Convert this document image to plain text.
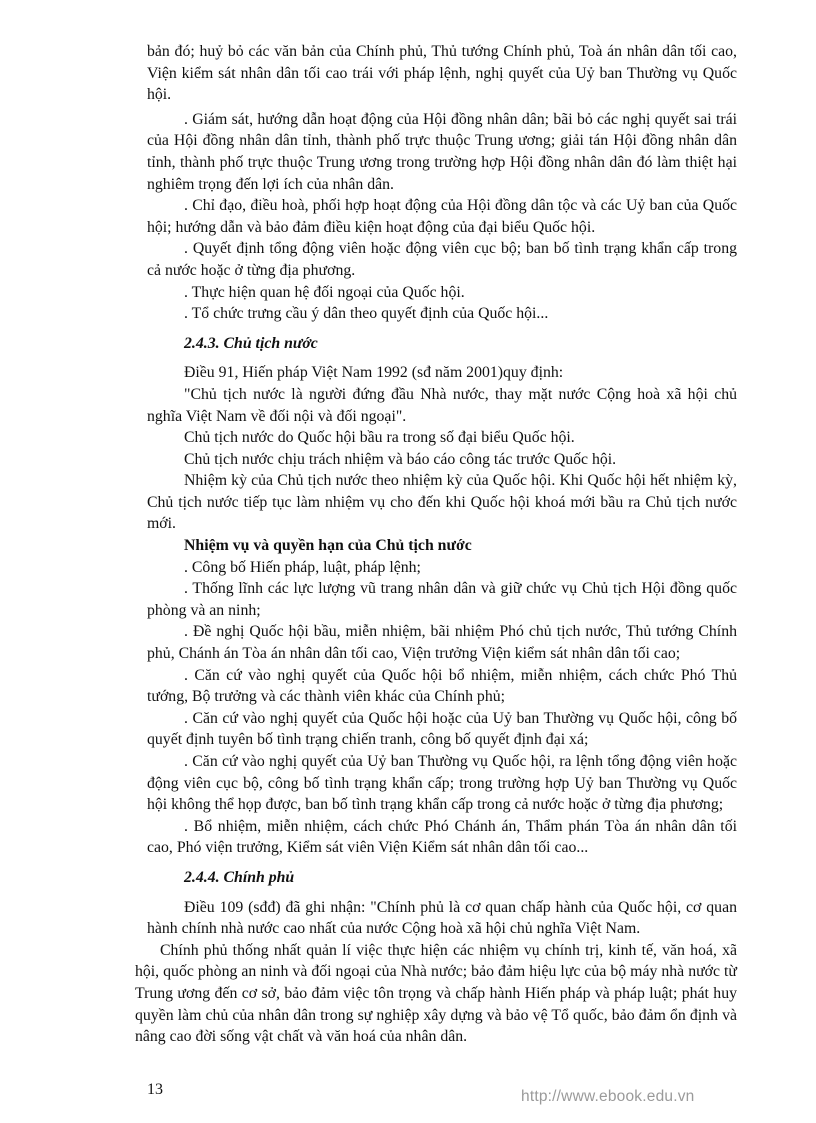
bản đó; huỷ bỏ các văn bản của Chính phủ, Thủ tướng Chính phủ, Toà án nhân dân tối cao, Viện kiểm sát nhân dân tối cao trái với pháp lệnh, nghị quyết của Uỷ ban Thường vụ Quốc hội.

. Giám sát, hướng dẫn hoạt động của Hội đồng nhân dân; bãi bỏ các nghị quyết sai trái của Hội đồng nhân dân tỉnh, thành phố trực thuộc Trung ương; giải tán Hội đồng nhân dân tỉnh, thành phố trực thuộc Trung ương trong trường hợp Hội đồng nhân dân đó làm thiệt hại nghiêm trọng đến lợi ích của nhân dân.

. Chỉ đạo, điều hoà, phối hợp hoạt động của Hội đồng dân tộc và các Uỷ ban của Quốc hội; hướng dẫn và bảo đảm điều kiện hoạt động của đại biểu Quốc hội.

. Quyết định tổng động viên hoặc động viên cục bộ; ban bố tình trạng khẩn cấp trong cả nước hoặc ở từng địa phương.

. Thực hiện quan hệ đối ngoại của Quốc hội.

. Tổ chức trưng cầu ý dân theo quyết định của Quốc hội...

2.4.3. Chủ tịch nước

Điều 91, Hiến pháp Việt Nam 1992 (sđ năm 2001)quy định:

"Chủ tịch nước là người đứng đầu Nhà nước, thay mặt nước Cộng hoà xã hội chủ nghĩa Việt Nam về đối nội và đối ngoại".

Chủ tịch nước do Quốc hội bầu ra trong số đại biểu Quốc hội.

Chủ tịch nước chịu trách nhiệm và báo cáo công tác trước Quốc hội.

Nhiệm kỳ của Chủ tịch nước theo nhiệm kỳ của Quốc hội. Khi Quốc hội hết nhiệm kỳ, Chủ tịch nước tiếp tục làm nhiệm vụ cho đến khi Quốc hội khoá mới bầu ra Chủ tịch nước mới.

Nhiệm vụ và quyền hạn của Chủ tịch nước

. Công bố Hiến pháp, luật, pháp lệnh;

. Thống lĩnh các lực lượng vũ trang nhân dân và giữ chức vụ Chủ tịch Hội đồng quốc phòng và an ninh;

. Đề nghị Quốc hội bầu, miễn nhiệm, bãi nhiệm Phó chủ tịch nước, Thủ tướng Chính phủ, Chánh án Tòa án nhân dân tối cao, Viện trưởng Viện kiểm sát nhân dân tối cao;

. Căn cứ vào nghị quyết của Quốc hội bổ nhiệm, miễn nhiệm, cách chức Phó Thủ tướng, Bộ trưởng và các thành viên khác của Chính phủ;

. Căn cứ vào nghị quyết của Quốc hội hoặc của Uỷ ban Thường vụ Quốc hội, công bố quyết định tuyên bố tình trạng chiến tranh, công bố quyết định đại xá;

. Căn cứ vào nghị quyết của Uỷ ban Thường vụ Quốc hội, ra lệnh tổng động viên hoặc động viên cục bộ, công bố tình trạng khẩn cấp; trong trường hợp Uỷ ban Thường vụ Quốc hội không thể họp được, ban bố tình trạng khẩn cấp trong cả nước hoặc ở từng địa phương;

. Bổ nhiệm, miễn nhiệm, cách chức Phó Chánh án, Thẩm phán Tòa án nhân dân tối cao, Phó viện trưởng, Kiểm sát viên Viện Kiểm sát nhân dân tối cao...

2.4.4. Chính phủ

Điều 109 (sđđ) đã ghi nhận: "Chính phủ là cơ quan chấp hành của Quốc hội, cơ quan hành chính nhà nước cao nhất của nước Cộng hoà xã hội chủ nghĩa Việt Nam.

Chính phủ thống nhất quản lí việc thực hiện các nhiệm vụ chính trị, kinh tế, văn hoá, xã hội, quốc phòng an ninh và đối ngoại của Nhà nước; bảo đảm hiệu lực của bộ máy nhà nước từ Trung ương đến cơ sở, bảo đảm việc tôn trọng và chấp hành Hiến pháp và pháp luật; phát huy quyền làm chủ của nhân dân trong sự nghiệp xây dựng và bảo vệ Tổ quốc, bảo đảm ổn định và nâng cao đời sống vật chất và văn hoá của nhân dân.

13	http://www.ebook.edu.vn
